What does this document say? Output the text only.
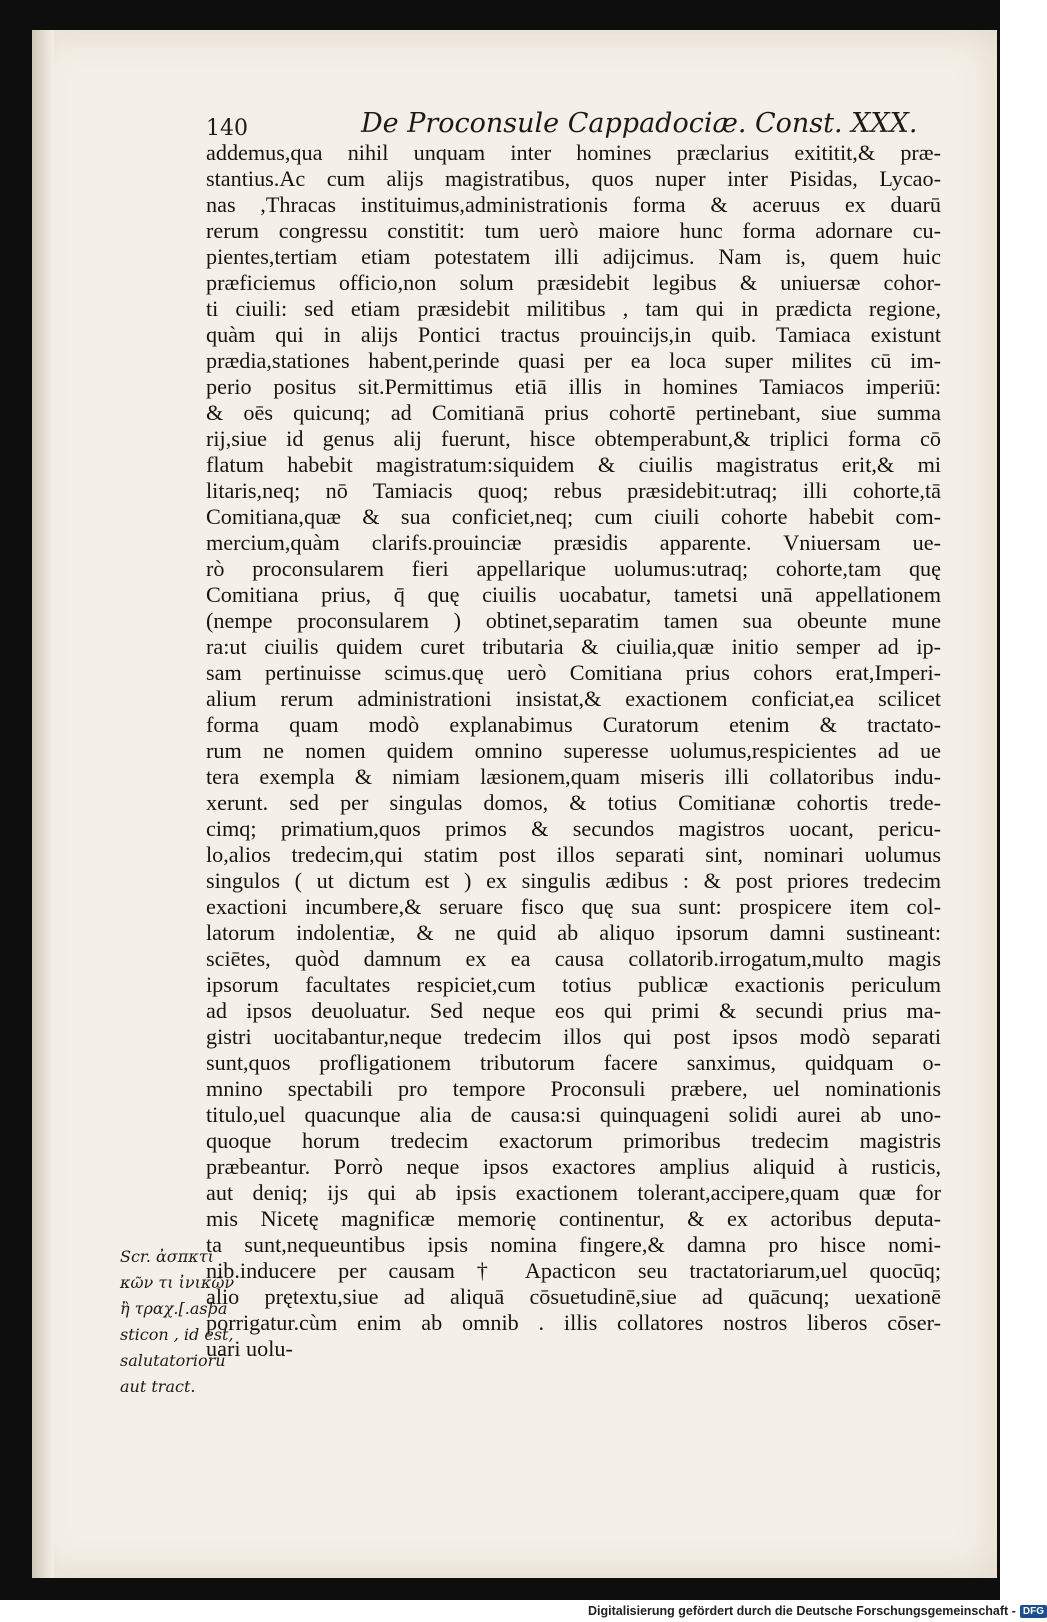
140	De Proconsule Cappadociæ. Const. XXX.
addemus,qua nihil unquam inter homines præclarius exititit,& præ-
stantius.Ac cum alijs magistratibus, quos nuper inter Pisidas, Lycao-
nas ,Thracas instituimus,administrationis forma & aceruus ex duarū
rerum congressu constitit: tum uerò maiore hunc forma adornare cu-
pientes,tertiam etiam potestatem illi adijcimus. Nam is, quem huic
præficiemus officio,non solum præsidebit legibus & uniuersæ cohor-
ti ciuili: sed etiam præsidebit militibus , tam qui in prædicta regione,
quàm qui in alijs Pontici tractus prouincijs,in quib. Tamiaca existunt
prædia,stationes habent,perinde quasi per ea loca super milites cū im-
perio positus sit.Permittimus etiā illis in homines Tamiacos imperiū:
& oēs quicunq; ad Comitianā prius cohortē pertinebant, siue summa
rij,siue id genus alij fuerunt, hisce obtemperabunt,& triplici forma cō
flatum habebit magistratum:siquidem & ciuilis magistratus erit,& mi
litaris,neq; nō Tamiacis quoq; rebus præsidebit:utraq; illi cohorte,tā
Comitiana,quæ & sua conficiet,neq; cum ciuili cohorte habebit com-
mercium,quàm clarifs.prouinciæ præsidis apparente. Vniuersam ue-
rò proconsularem fieri appellarique uolumus:utraq; cohorte,tam quę
Comitiana prius, q̄ quę ciuilis uocabatur, tametsi unā appellationem
(nempe proconsularem ) obtinet,separatim tamen sua obeunte mune
ra:ut ciuilis quidem curet tributaria & ciuilia,quæ initio semper ad ip-
sam pertinuisse scimus.quę uerò Comitiana prius cohors erat,Imperi-
alium rerum administrationi insistat,& exactionem conficiat,ea scilicet
forma quam modò explanabimus Curatorum etenim & tractato-
rum ne nomen quidem omnino superesse uolumus,respicientes ad ue
tera exempla & nimiam læsionem,quam miseris illi collatoribus indu-
xerunt. sed per singulas domos, & totius Comitianæ cohortis trede-
cimq; primatium,quos primos & secundos magistros uocant, pericu-
lo,alios tredecim,qui statim post illos separati sint, nominari uolumus
singulos ( ut dictum est ) ex singulis ædibus : & post priores tredecim
exactioni incumbere,& seruare fisco quę sua sunt: prospicere item col-
latorum indolentiæ, & ne quid ab aliquo ipsorum damni sustineant:
sciētes, quòd damnum ex ea causa collatorib.irrogatum,multo magis
ipsorum facultates respiciet,cum totius publicæ exactionis periculum
ad ipsos deuoluatur. Sed neque eos qui primi & secundi prius ma-
gistri uocitabantur,neque tredecim illos qui post ipsos modò separati
sunt,quos profligationem tributorum facere sanximus, quidquam o-
mnino spectabili pro tempore Proconsuli præbere, uel nominationis
titulo,uel quacunque alia de causa:si quinquageni solidi aurei ab uno-
quoque horum tredecim exactorum primoribus tredecim magistris
præbeantur. Porrò neque ipsos exactores amplius aliquid à rusticis,
aut deniq; ijs qui ab ipsis exactionem tolerant,accipere,quam quæ for
mis Nicetę magnificæ memorię continentur, & ex actoribus deputa-
ta sunt,nequeuntibus ipsis nomina fingere,& damna pro hisce nomi-
nib.inducere per causam † Apacticon seu tractatoriarum,uel quocūq;
alio prętextu,siue ad aliquā cōsuetudinē,siue ad quācunq; uexationē
porrigatur.cùm enim ab omnib . illis collatores nostros liberos cōser-
uari uolu-
Scr. ἀσπκτι
κῶν τι ἰνικῶν
ἢ τραχ.[.asþa
sticon , id est,
salutatoriorū
aut tract.
Digitalisierung gefördert durch die Deutsche Forschungsgemeinschaft - DFG
